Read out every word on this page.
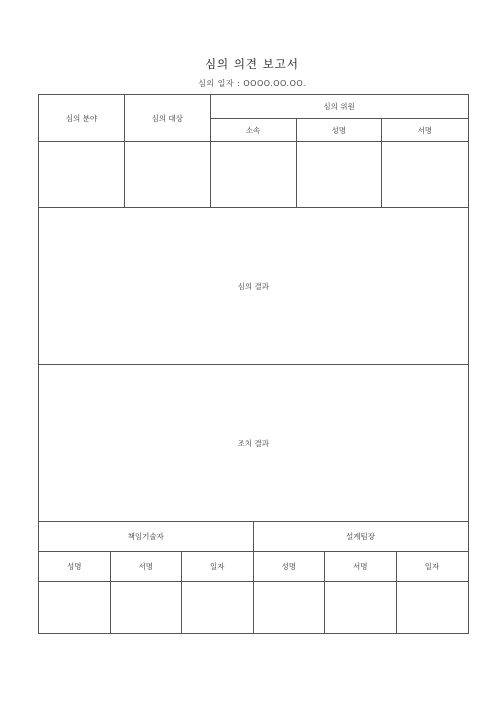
심의 의견 보고서
심의 일자 : OOOO.OO.OO.
심의 분야		심의 대상		심의 위원					
				소속		성명		서명	

심의 결과									
조치 결과									
책임기술자					설계팀장				
성명	서명		일자		성명		서명		일자
